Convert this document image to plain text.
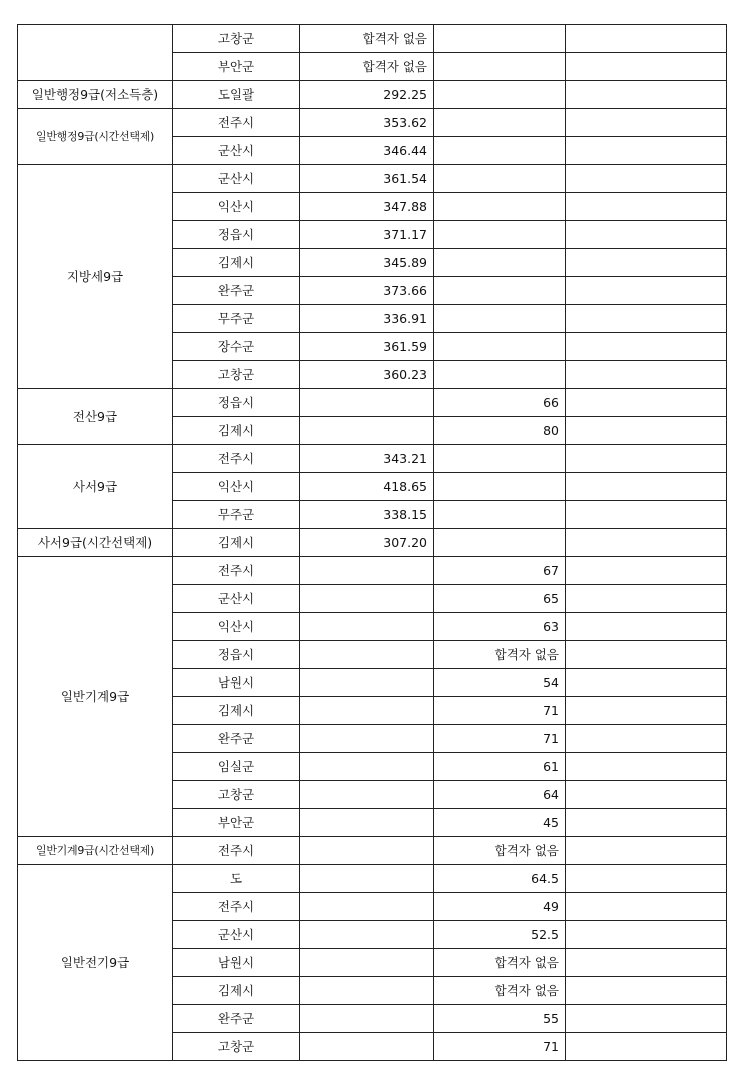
	고창군	합격자 없음		
	부안군	합격자 없음		
일반행정9급(저소득층)	도일괄	292.25		
일반행정9급(시간선택제)	전주시	353.62		
	군산시	346.44		
지방세9급	군산시	361.54		
	익산시	347.88		
	정읍시	371.17		
	김제시	345.89		
	완주군	373.66		
	무주군	336.91		
	장수군	361.59		
	고창군	360.23		
전산9급	정읍시		66	
	김제시		80	
사서9급	전주시	343.21		
	익산시	418.65		
	무주군	338.15		
사서9급(시간선택제)	김제시	307.20		
일반기계9급	전주시		67	
	군산시		65	
	익산시		63	
	정읍시		합격자 없음	
	남원시		54	
	김제시		71	
	완주군		71	
	임실군		61	
	고창군		64	
	부안군		45	
일반기계9급(시간선택제)	전주시		합격자 없음	
일반전기9급	도		64.5	
	전주시		49	
	군산시		52.5	
	남원시		합격자 없음	
	김제시		합격자 없음	
	완주군		55	
	고창군		71	
